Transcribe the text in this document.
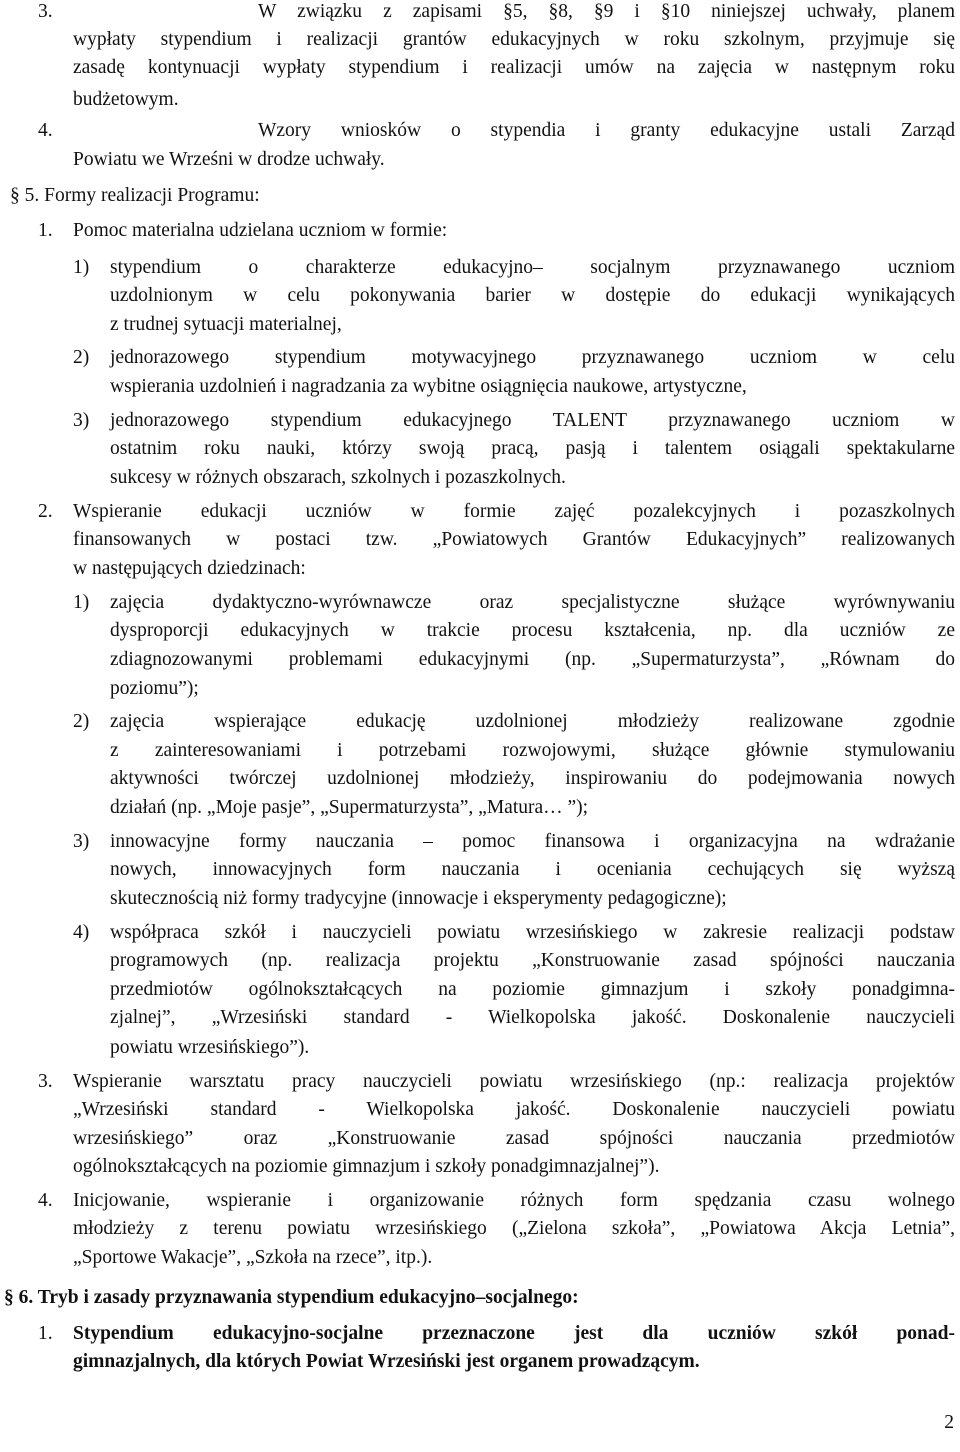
3.	W związku z zapisami §5, §8, §9 i §10 niniejszej uchwały, planem
wypłaty stypendium i realizacji grantów edukacyjnych w roku szkolnym, przyjmuje się
zasadę kontynuacji wypłaty stypendium i realizacji umów na zajęcia w następnym roku
budżetowym.
4.	Wzory wniosków o stypendia i granty edukacyjne ustali Zarząd
Powiatu we Wrześni w drodze uchwały.
§ 5. Formy realizacji Programu:
1. Pomoc materialna udzielana uczniom w formie:
1) stypendium o charakterze edukacyjno– socjalnym przyznawanego uczniom
uzdolnionym w celu pokonywania barier w dostępie do edukacji wynikających
z trudnej sytuacji materialnej,
2) jednorazowego stypendium motywacyjnego przyznawanego uczniom w celu
wspierania uzdolnień i nagradzania za wybitne osiągnięcia naukowe, artystyczne,
3) jednorazowego stypendium edukacyjnego TALENT przyznawanego uczniom w
ostatnim roku nauki, którzy swoją pracą, pasją i talentem osiągali spektakularne
sukcesy w różnych obszarach, szkolnych i pozaszkolnych.
2. Wspieranie edukacji uczniów w formie zajęć pozalekcyjnych i pozaszkolnych
finansowanych w postaci tzw. „Powiatowych Grantów Edukacyjnych” realizowanych
w następujących dziedzinach:
1) zajęcia dydaktyczno-wyrównawcze oraz specjalistyczne służące wyrównywaniu
dysproporcji edukacyjnych w trakcie procesu kształcenia, np. dla uczniów ze
zdiagnozowanymi problemami edukacyjnymi (np. „Supermaturzysta”, „Równam do
poziomu”);
2) zajęcia wspierające edukację uzdolnionej młodzieży realizowane zgodnie
z zainteresowaniami i potrzebami rozwojowymi, służące głównie stymulowaniu
aktywności twórczej uzdolnionej młodzieży, inspirowaniu do podejmowania nowych
działań (np. „Moje pasje”, „Supermaturzysta”, „Matura… ”);
3) innowacyjne formy nauczania – pomoc finansowa i organizacyjna na wdrażanie
nowych, innowacyjnych form nauczania i oceniania cechujących się wyższą
skutecznością niż formy tradycyjne (innowacje i eksperymenty pedagogiczne);
4) współpraca szkół i nauczycieli powiatu wrzesińskiego w zakresie realizacji podstaw
programowych (np. realizacja projektu „Konstruowanie zasad spójności nauczania
przedmiotów ogólnokształcących na poziomie gimnazjum i szkoły ponadgimna-
zjalnej”, „Wrzesiński standard - Wielkopolska jakość. Doskonalenie nauczycieli
powiatu wrzesińskiego”).
3. Wspieranie warsztatu pracy nauczycieli powiatu wrzesińskiego (np.: realizacja projektów
„Wrzesiński standard - Wielkopolska jakość. Doskonalenie nauczycieli powiatu
wrzesińskiego” oraz „Konstruowanie zasad spójności nauczania przedmiotów
ogólnokształcących na poziomie gimnazjum i szkoły ponadgimnazjalnej”).
4. Inicjowanie, wspieranie i organizowanie różnych form spędzania czasu wolnego
młodzieży z terenu powiatu wrzesińskiego („Zielona szkoła”, „Powiatowa Akcja Letnia”,
„Sportowe Wakacje”, „Szkoła na rzece”, itp.).
§ 6. Tryb i zasady przyznawania stypendium edukacyjno–socjalnego:
1. Stypendium edukacyjno-socjalne przeznaczone jest dla uczniów szkół ponad-
gimnazjalnych, dla których Powiat Wrzesiński jest organem prowadzącym.
2
